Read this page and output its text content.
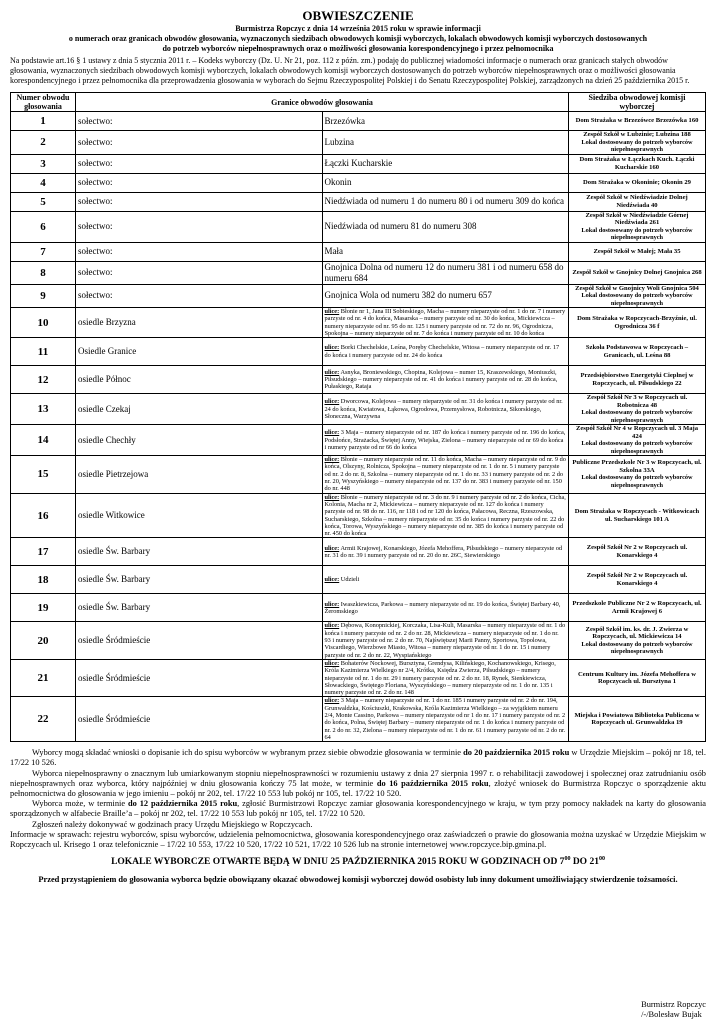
OBWIESZCZENIE
Burmistrza Ropczyc z dnia 14 września 2015 roku w sprawie informacji
o numerach oraz granicach obwodów głosowania, wyznaczonych siedzibach obwodowych komisji wyborczych, lokalach obwodowych komisji wyborczych dostosowanych
do potrzeb wyborców niepełnosprawnych oraz o możliwości głosowania korespondencyjnego i przez pełnomocnika
Na podstawie art.16 § 1 ustawy z dnia 5 stycznia 2011 r. – Kodeks wyborczy (Dz. U. Nr 21, poz. 112 z późn. zm.) podaję do publicznej wiadomości informacje o numerach oraz granicach stałych obwodów głosowania, wyznaczonych siedzibach obwodowych komisji wyborczych, lokalach obwodowych komisji wyborczych dostosowanych do potrzeb wyborców niepełnosprawnych oraz o możliwości głosowania korespondencyjnego i przez pełnomocnika dla przeprowadzenia głosowania w wyborach do Sejmu Rzeczypospolitej Polskiej i do Senatu Rzeczypospolitej Polskiej, zarządzonych na dzień 25 października 2015 r.
Numer obwodu głosowania	Granice obwodów głosowania		Siedziba obwodowej komisji wyborczej
1	sołectwo:	Brzezówka	Dom Strażaka w Brzezówce Brzezówka 160
2	sołectwo:	Lubzina	Zespół Szkół w Lubzinie; Lubzina 188
Lokal dostosowany do potrzeb wyborców niepełnosprawnych

3	sołectwo:	Łączki Kucharskie	Dom Strażaka w Łączkach Kuch. Łączki Kucharskie 160
4	sołectwo:	Okonin	Dom Strażaka w Okoninie; Okonin 29
5	sołectwo:	Niedźwiada od numeru 1 do numeru 80 i od numeru 309 do końca	Zespół Szkół w Niedźwiadzie Dolnej Niedźwiada 40
6	sołectwo:	Niedźwiada od numeru 81 do numeru 308	Zespół Szkół w Niedźwiadzie Górnej Niedźwiada 261
Lokal dostosowany do potrzeb wyborców niepełnosprawnych

7	sołectwo:	Mała	Zespół Szkół w Małej; Mała 35
8	sołectwo:	Gnojnica Dolna od numeru 12 do numeru 381 i od numeru 658 do numeru 684	Zespół Szkół w Gnojnicy Dolnej Gnojnica 268
9	sołectwo:	Gnojnica Wola od numeru 382 do numeru 657	Zespół Szkół w Gnojnicy Woli Gnojnica 504
Lokal dostosowany do potrzeb wyborców niepełnosprawnych

10	osiedle Brzyzna	ulice: Błonie nr 1, Jana III Sobieskiego, Macha – numery nieparzyste od nr. 1 do nr. 7 i numery parzyste od nr. 4 do końca, Masarska – numery parzyste od nr. 30 do końca, Mickiewicza – numery nieparzyste od nr. 95 do nr. 125 i numery parzyste od nr. 72 do nr. 96, Ogrodnicza, Spokojna – numery nieparzyste od nr. 7 do końca i numery parzyste od nr. 10 do końca	Dom Strażaka w Ropczycach-Brzyźnie, ul. Ogrodnicza 36 f
11	Osiedle Granice	ulice: Borki Chechelskie, Leśna, Poręby Chechelskie, Witosa – numery nieparzyste od nr. 17 do końca i numery parzyste od nr. 24 do końca	Szkoła Podstawowa w Ropczycach – Granicach, ul. Leśna 88
12	osiedle Północ	ulice: Asnyka, Broniewskiego, Chopina, Kolejowa – numer 15, Kraszewskiego, Moniuszki, Piłsudskiego – numery nieparzyste od nr. 41 do końca i numery parzyste od nr. 28 do końca, Pułaskiego, Rataja	Przedsiębiorstwo Energetyki Cieplnej w Ropczycach, ul. Piłsudskiego 22
13	osiedle Czekaj	ulice: Dworcowa, Kolejowa – numery nieparzyste od nr. 31 do końca i numery parzyste od nr. 24 do końca, Kwiatowa, Łąkowa, Ogrodowa, Przemysłowa, Robotnicza, Sikorskiego, Słoneczna, Warzywna	Zespół Szkół Nr 3 w Ropczycach ul. Robotnicza 48
Lokal dostosowany do potrzeb wyborców niepełnosprawnych

14	osiedle Chechły	ulice: 3 Maja – numery nieparzyste od nr. 187 do końca i numery parzyste od nr. 196 do końca, Podsłońce, Strażacka, Świętej Anny, Wiejska, Zielona – numery nieparzyste od nr 69 do końca i numery parzyste od nr 66 do końca	Zespół Szkół Nr 4 w Ropczycach ul. 3 Maja 424
Lokal dostosowany do potrzeb wyborców niepełnosprawnych

15	osiedle Pietrzejowa	ulice: Błonie – numery nieparzyste od nr. 11 do końca, Macha – numery nieparzyste od nr. 9 do końca, Olszyny, Rolnicza, Spokojna – numery nieparzyste od nr. 1 do nr. 5 i numery parzyste od nr. 2 do nr. 8, Szkolna – numery nieparzyste od nr. 1 do nr. 33 i numery parzyste od nr. 2 do nr. 20, Wyszyńskiego – numery nieparzyste od nr. 137 do nr. 383 i numery parzyste od nr. 150 do nr. 448	Publiczne Przedszkole Nr 3 w Ropczycach, ul. Szkolna 33A
Lokal dostosowany do potrzeb wyborców niepełnosprawnych

16	osiedle Witkowice	ulice: Błonie – numery nieparzyste od nr. 3 do nr. 9 i numery parzyste od nr. 2 do końca, Cicha, Kolonia, Macha nr 2, Mickiewicza – numery nieparzyste od nr. 127 do końca i numery parzyste od nr. 98 do nr. 116, nr 118 i od nr 120 do końca, Pałacowa, Reczna, Rzeszowska, Sucharskiego, Szkolna – numery nieparzyste od nr. 35 do końca i numery parzyste od nr. 22 do końca, Torowa, Wyszyńskiego – numery nieparzyste od nr. 385 do końca i numery parzyste od nr. 450 do końca	Dom Strażaka w Ropczycach - Witkowicach ul. Sucharskiego 101 A
17	osiedle Św. Barbary	ulice: Armii Krajowej, Konarskiego, Józefa Mehoffera, Piłsudskiego – numery nieparzyste od nr. 31 do nr. 39 i numery parzyste od nr. 20 do nr. 26C, Siewierskiego	Zespół Szkół Nr 2 w Ropczycach ul. Konarskiego 4
18	osiedle Św. Barbary	ulice: Udzieli	Zespół Szkół Nr 2 w Ropczycach ul. Konarskiego 4
19	osiedle Św. Barbary	ulice: Iwaszkiewicza, Parkowa – numery nieparzyste od nr. 19 do końca, Świętej Barbary 40, Żeromskiego	Przedszkole Publiczne Nr 2 w Ropczycach, ul. Armii Krajowej 6
20	osiedle Śródmieście	ulice: Dębowa, Konopnickiej, Korczaka, Lisa-Kuli, Masarska – numery nieparzyste od nr. 1 do końca i numery parzyste od nr. 2 do nr. 28, Mickiewicza – numery nieparzyste od nr. 1 do nr. 93 i numery parzyste od nr. 2 do nr. 70, Najświętszej Marii Panny, Sportowa, Topolowa, Viscardiego, Wierzbowe Miasto, Witosa – numery nieparzyste od nr. 1 do nr. 15 i numery parzyste od nr. 2 do nr. 22, Wyspiańskiego	Zespół Szkół im. ks. dr. J. Zwierza w Ropczycach, ul. Mickiewicza 14
Lokal dostosowany do potrzeb wyborców niepełnosprawnych

21	osiedle Śródmieście	ulice: Bohaterów Nockowej, Bursztyna, Grendysa, Kilińskiego, Kochanowskiego, Krisego, Króla Kazimierza Wielkiego nr 2/4, Krótka, Księdza Zwierza, Piłsudskiego – numery nieparzyste od nr. 1 do nr. 29 i numery parzyste od nr. 2 do nr. 18, Rynek, Sienkiewicza, Słowackiego, Świętego Floriana, Wyszyńskiego – numery nieparzyste od nr. 1 do nr. 135 i numery parzyste od nr. 2 do nr. 148	Centrum Kultury im. Józefa Mehoffera w Ropczycach ul. Bursztyna 1
22	osiedle Śródmieście	ulice: 3 Maja – numery nieparzyste od nr. 1 do nr. 185 i numery parzyste od nr. 2 do nr. 194, Grunwaldzka, Kościuszki, Krakowska, Króla Kazimierza Wielkiego – za wyjątkiem numeru 2/4, Monte Cassino, Parkowa – numery nieparzyste od nr 1 do nr. 17 i numery parzyste od nr. 2 do końca, Polna, Świętej Barbary – numery nieparzyste od nr. 1 do końca i numery parzyste od nr. 2 do nr. 32, Zielona – numery nieparzyste od nr. 1 do nr. 61 i numery parzyste od nr. 2 do nr. 64	Miejska i Powiatowa Biblioteka Publiczna w Ropczycach ul. Grunwaldzka 19

Wyborcy mogą składać wnioski o dopisanie ich do spisu wyborców w wybranym przez siebie obwodzie głosowania w terminie do 20 października 2015 roku w Urzędzie Miejskim – pokój nr 18, tel. 17/22 10 526.

Wyborca niepełnosprawny o znacznym lub umiarkowanym stopniu niepełnosprawności w rozumieniu ustawy z dnia 27 sierpnia 1997 r. o rehabilitacji zawodowej i społecznej oraz zatrudnianiu osób niepełnosprawnych oraz wyborca, który najpóźniej w dniu głosowania kończy 75 lat może, w terminie do 16 października 2015 roku, złożyć wniosek do Burmistrza Ropczyc o sporządzenie aktu pełnomocnictwa do głosowania w jego imieniu – pokój nr 202, tel. 17/22 10 553 lub pokój nr 105, tel. 17/22 10 520.

Wyborca może, w terminie do 12 października 2015 roku, zgłosić Burmistrzowi Ropczyc zamiar głosowania korespondencyjnego w kraju, w tym przy pomocy nakładek na karty do głosowania sporządzonych w alfabecie Braille’a – pokój nr 202, tel. 17/22 10 553 lub pokój nr 105, tel. 17/22 10 520.

Zgłoszeń należy dokonywać w godzinach pracy Urzędu Miejskiego w Ropczycach.

Informacje w sprawach: rejestru wyborców, spisu wyborców, udzielenia pełnomocnictwa, głosowania korespondencyjnego oraz zaświadczeń o prawie do głosowania można uzyskać w Urzędzie Miejskim w Ropczycach ul. Krisego 1 oraz telefonicznie – 17/22 10 553, 17/22 10 520, 17/22 10 521, 17/22 10 526 lub na stronie internetowej www.ropczyce.bip.gmina.pl.

LOKALE WYBORCZE OTWARTE BĘDĄ W DNIU 25 PAŹDZIERNIKA 2015 ROKU W GODZINACH OD $7^{00}$ DO $21^{00}$
Przed przystąpieniem do głosowania wyborca będzie obowiązany okazać obwodowej komisji wyborczej dowód osobisty lub inny dokument umożliwiający stwierdzenie tożsamości.
Burmistrz Ropczyc
/-/Bolesław Bujak
